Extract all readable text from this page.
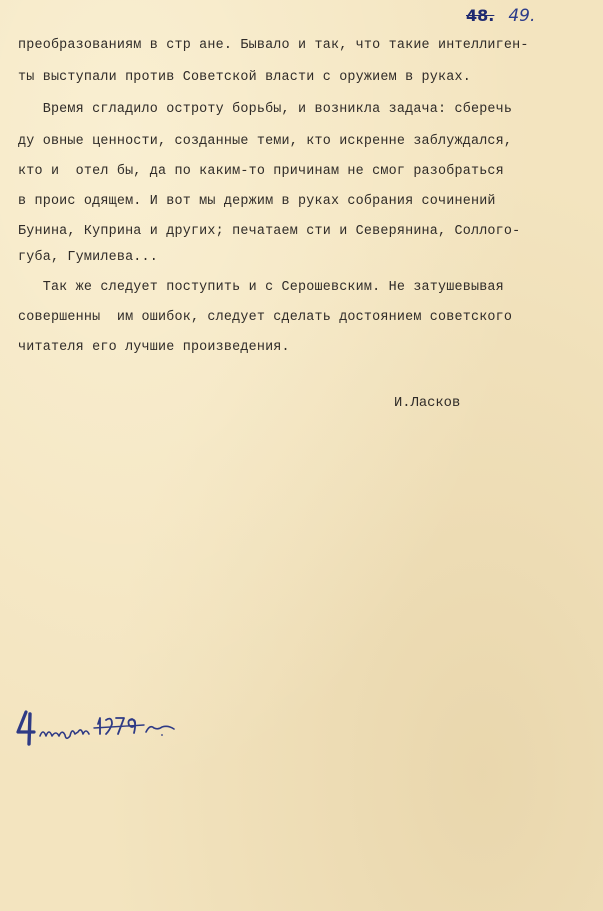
48. 49.

преобразованиям в стр ане. Бывало и так, что такие интеллиген-

ты выступали против Советской власти с оружием в руках.

Время сгладило остроту борьбы, и возникла задача: сберечь

ду овные ценности, созданные теми, кто искренне заблуждался,

кто и  отел бы, да по каким-то причинам не смог разобраться

в проис одящем. И вот мы держим в руках собрания сочинений

Бунина, Куприна и других; печатаем сти и Северянина, Соллого-

губа, Гумилева...

Так же следует поступить и с Серошевским. Не затушевывая

совершенны  им ошибок, следует сделать достоянием советского

читателя его лучшие произведения.

И.Ласков
